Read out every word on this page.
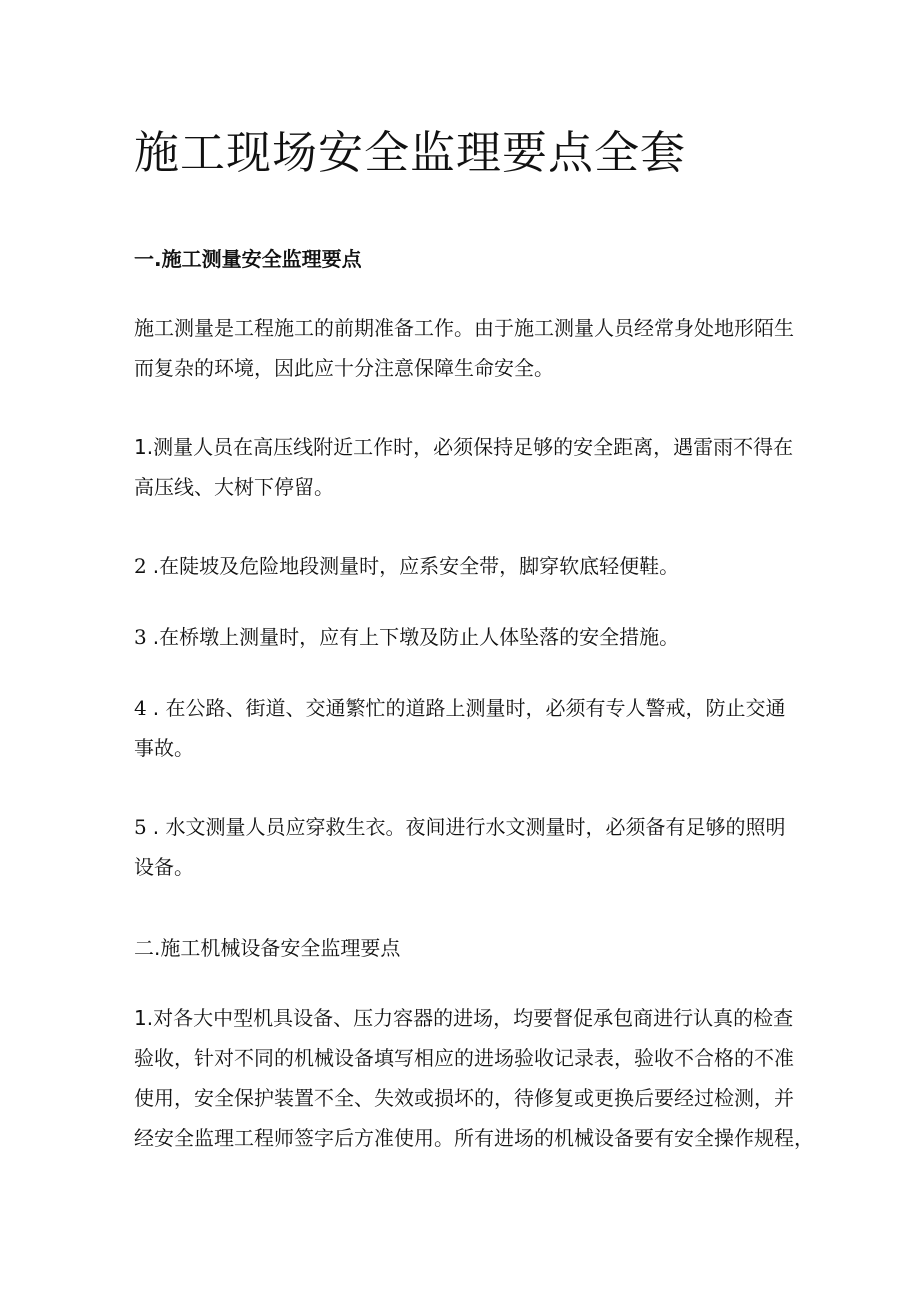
施工现场安全监理要点全套
一.施工测量安全监理要点

施工测量是工程施工的前期准备工作。由于施工测量人员经常身处地形陌生
而复杂的环境，因此应十分注意保障生命安全。

1.测量人员在高压线附近工作时，必须保持足够的安全距离，遇雷雨不得在
高压线、大树下停留。

2 .在陡坡及危险地段测量时，应系安全带，脚穿软底轻便鞋。

3 .在桥墩上测量时，应有上下墩及防止人体坠落的安全措施。

4 . 在公路、街道、交通繁忙的道路上测量时，必须有专人警戒，防止交通
事故。

5 . 水文测量人员应穿救生衣。夜间进行水文测量时，必须备有足够的照明
设备。

二.施工机械设备安全监理要点

1.对各大中型机具设备、压力容器的进场，均要督促承包商进行认真的检查
验收，针对不同的机械设备填写相应的进场验收记录表，验收不合格的不准
使用，安全保护装置不全、失效或损坏的，待修复或更换后要经过检测，并
经安全监理工程师签字后方准使用。所有进场的机械设备要有安全操作规程，
